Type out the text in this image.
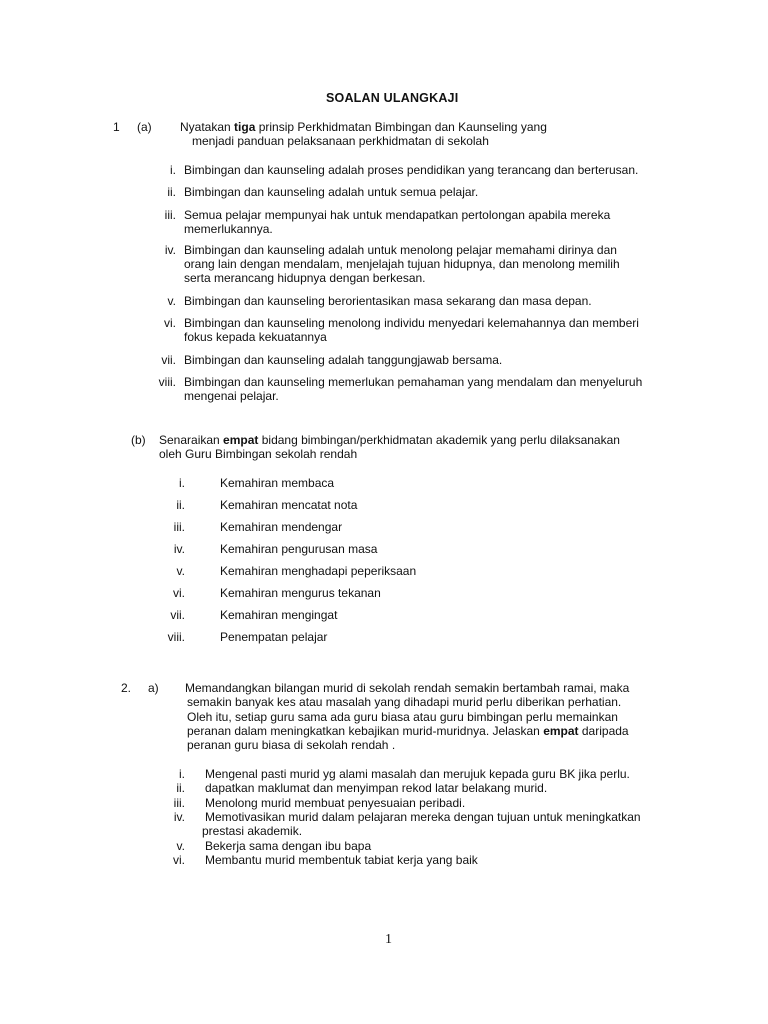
SOALAN ULANGKAJI
1 (a) Nyatakan tiga prinsip Perkhidmatan Bimbingan dan Kaunseling yang
menjadi panduan pelaksanaan perkhidmatan di sekolah
i. Bimbingan dan kaunseling adalah proses pendidikan yang terancang dan berterusan.
ii. Bimbingan dan kaunseling adalah untuk semua pelajar.
iii. Semua pelajar mempunyai hak untuk mendapatkan pertolongan apabila mereka
memerlukannya.
iv. Bimbingan dan kaunseling adalah untuk menolong pelajar memahami dirinya dan
orang lain dengan mendalam, menjelajah tujuan hidupnya, dan menolong memilih
serta merancang hidupnya dengan berkesan.
v. Bimbingan dan kaunseling berorientasikan masa sekarang dan masa depan.
vi. Bimbingan dan kaunseling menolong individu menyedari kelemahannya dan memberi
fokus kepada kekuatannya
vii. Bimbingan dan kaunseling adalah tanggungjawab bersama.
viii. Bimbingan dan kaunseling memerlukan pemahaman yang mendalam dan menyeluruh
mengenai pelajar.
(b) Senaraikan empat bidang bimbingan/perkhidmatan akademik yang perlu dilaksanakan
oleh Guru Bimbingan sekolah rendah
i.	Kemahiran membaca
ii.	Kemahiran mencatat nota
iii.	Kemahiran mendengar
iv.	Kemahiran pengurusan masa
v.	Kemahiran menghadapi peperiksaan
vi.	Kemahiran mengurus tekanan
vii.	Kemahiran mengingat
viii.	Penempatan pelajar
2. a) Memandangkan bilangan murid di sekolah rendah semakin bertambah ramai, maka
semakin banyak kes atau masalah yang dihadapi murid perlu diberikan perhatian.
Oleh itu, setiap guru sama ada guru biasa atau guru bimbingan perlu memainkan
peranan dalam meningkatkan kebajikan murid-muridnya. Jelaskan empat daripada
peranan guru biasa di sekolah rendah .
i. Mengenal pasti murid yg alami masalah dan merujuk kepada guru BK jika perlu.
ii. dapatkan maklumat dan menyimpan rekod latar belakang murid.
iii. Menolong murid membuat penyesuaian peribadi.
iv. Memotivasikan murid dalam pelajaran mereka dengan tujuan untuk meningkatkan
prestasi akademik.
v. Bekerja sama dengan ibu bapa
vi. Membantu murid membentuk tabiat kerja yang baik
1
